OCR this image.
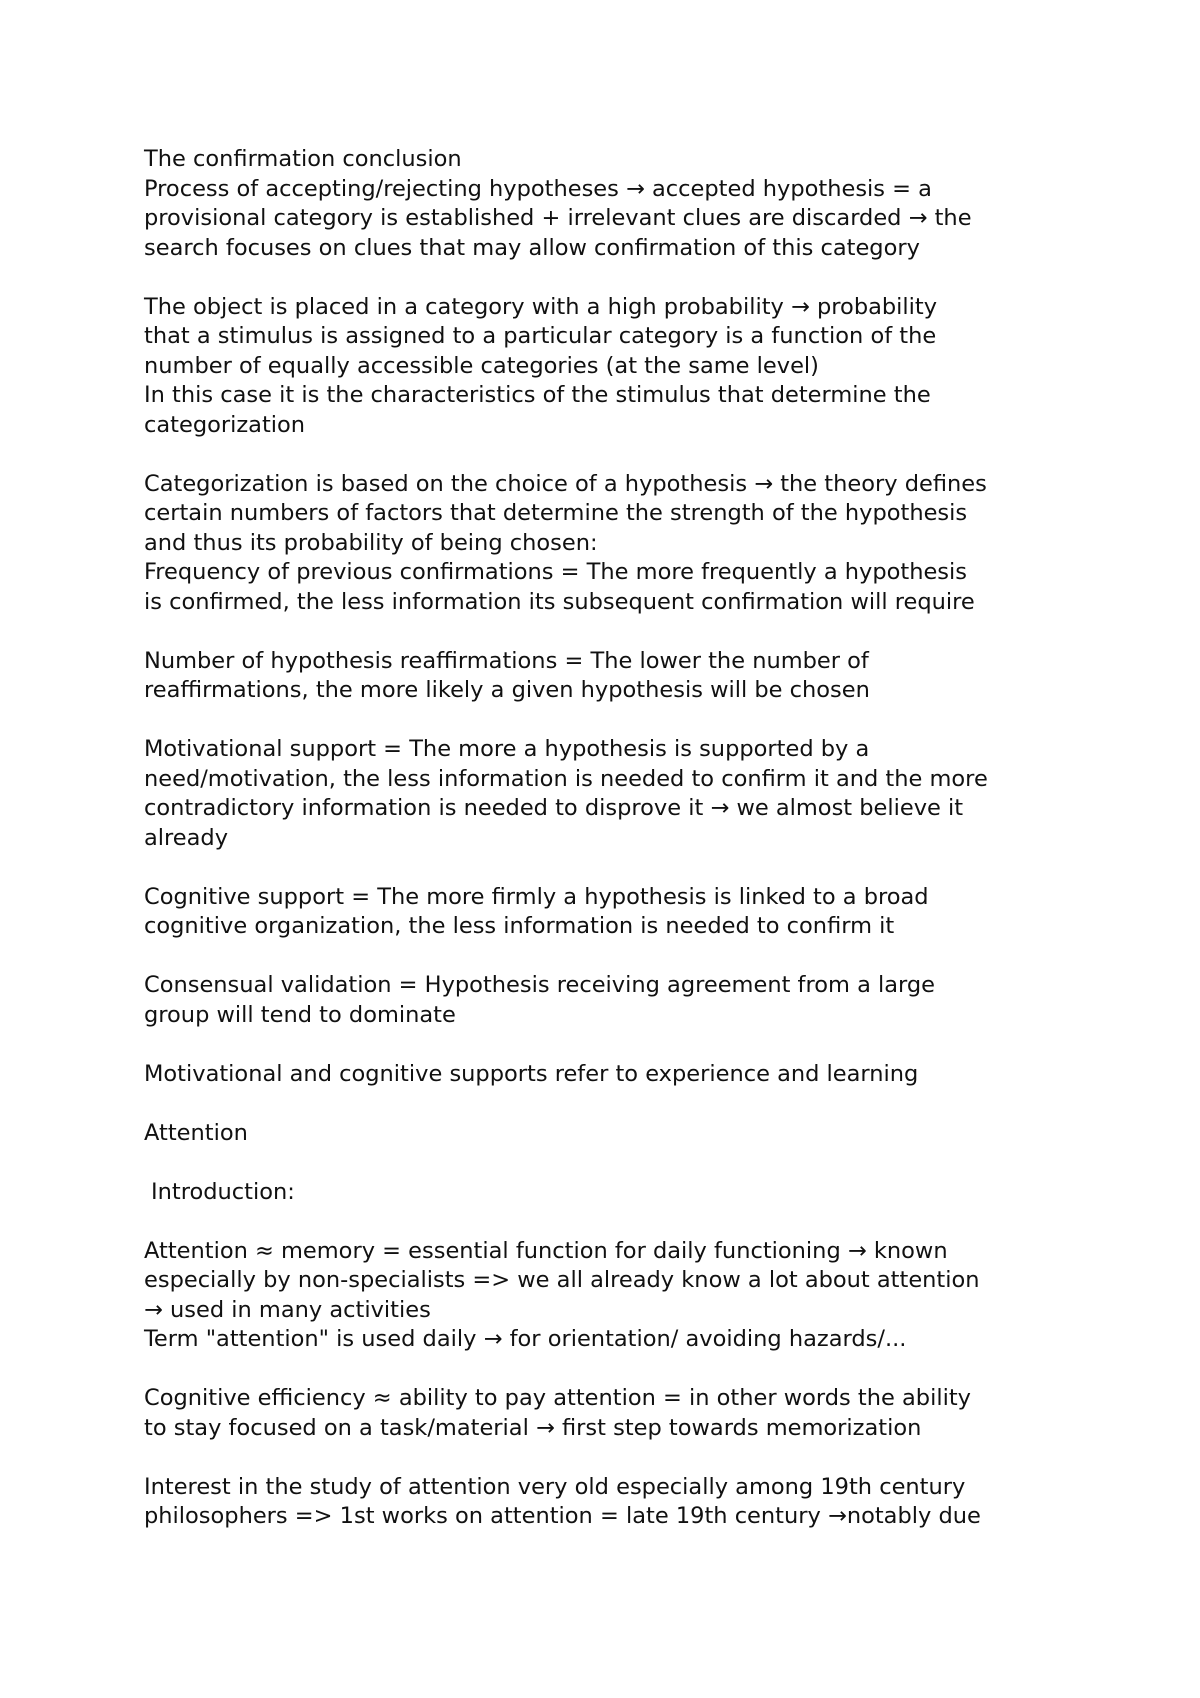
The confirmation conclusion
Process of accepting/rejecting hypotheses → accepted hypothesis = a
provisional category is established + irrelevant clues are discarded → the
search focuses on clues that may allow confirmation of this category
The object is placed in a category with a high probability → probability
that a stimulus is assigned to a particular category is a function of the
number of equally accessible categories (at the same level)
In this case it is the characteristics of the stimulus that determine the
categorization
Categorization is based on the choice of a hypothesis → the theory defines
certain numbers of factors that determine the strength of the hypothesis
and thus its probability of being chosen:
Frequency of previous confirmations = The more frequently a hypothesis
is confirmed, the less information its subsequent confirmation will require
Number of hypothesis reaffirmations = The lower the number of
reaffirmations, the more likely a given hypothesis will be chosen
Motivational support = The more a hypothesis is supported by a
need/motivation, the less information is needed to confirm it and the more
contradictory information is needed to disprove it → we almost believe it
already
Cognitive support = The more firmly a hypothesis is linked to a broad
cognitive organization, the less information is needed to confirm it
Consensual validation = Hypothesis receiving agreement from a large
group will tend to dominate
Motivational and cognitive supports refer to experience and learning
Attention
Introduction:
Attention ≈ memory = essential function for daily functioning → known
especially by non-specialists => we all already know a lot about attention
→ used in many activities
Term "attention" is used daily → for orientation/ avoiding hazards/...
Cognitive efficiency ≈ ability to pay attention = in other words the ability
to stay focused on a task/material → first step towards memorization
Interest in the study of attention very old especially among 19th century
philosophers => 1st works on attention = late 19th century →notably due
